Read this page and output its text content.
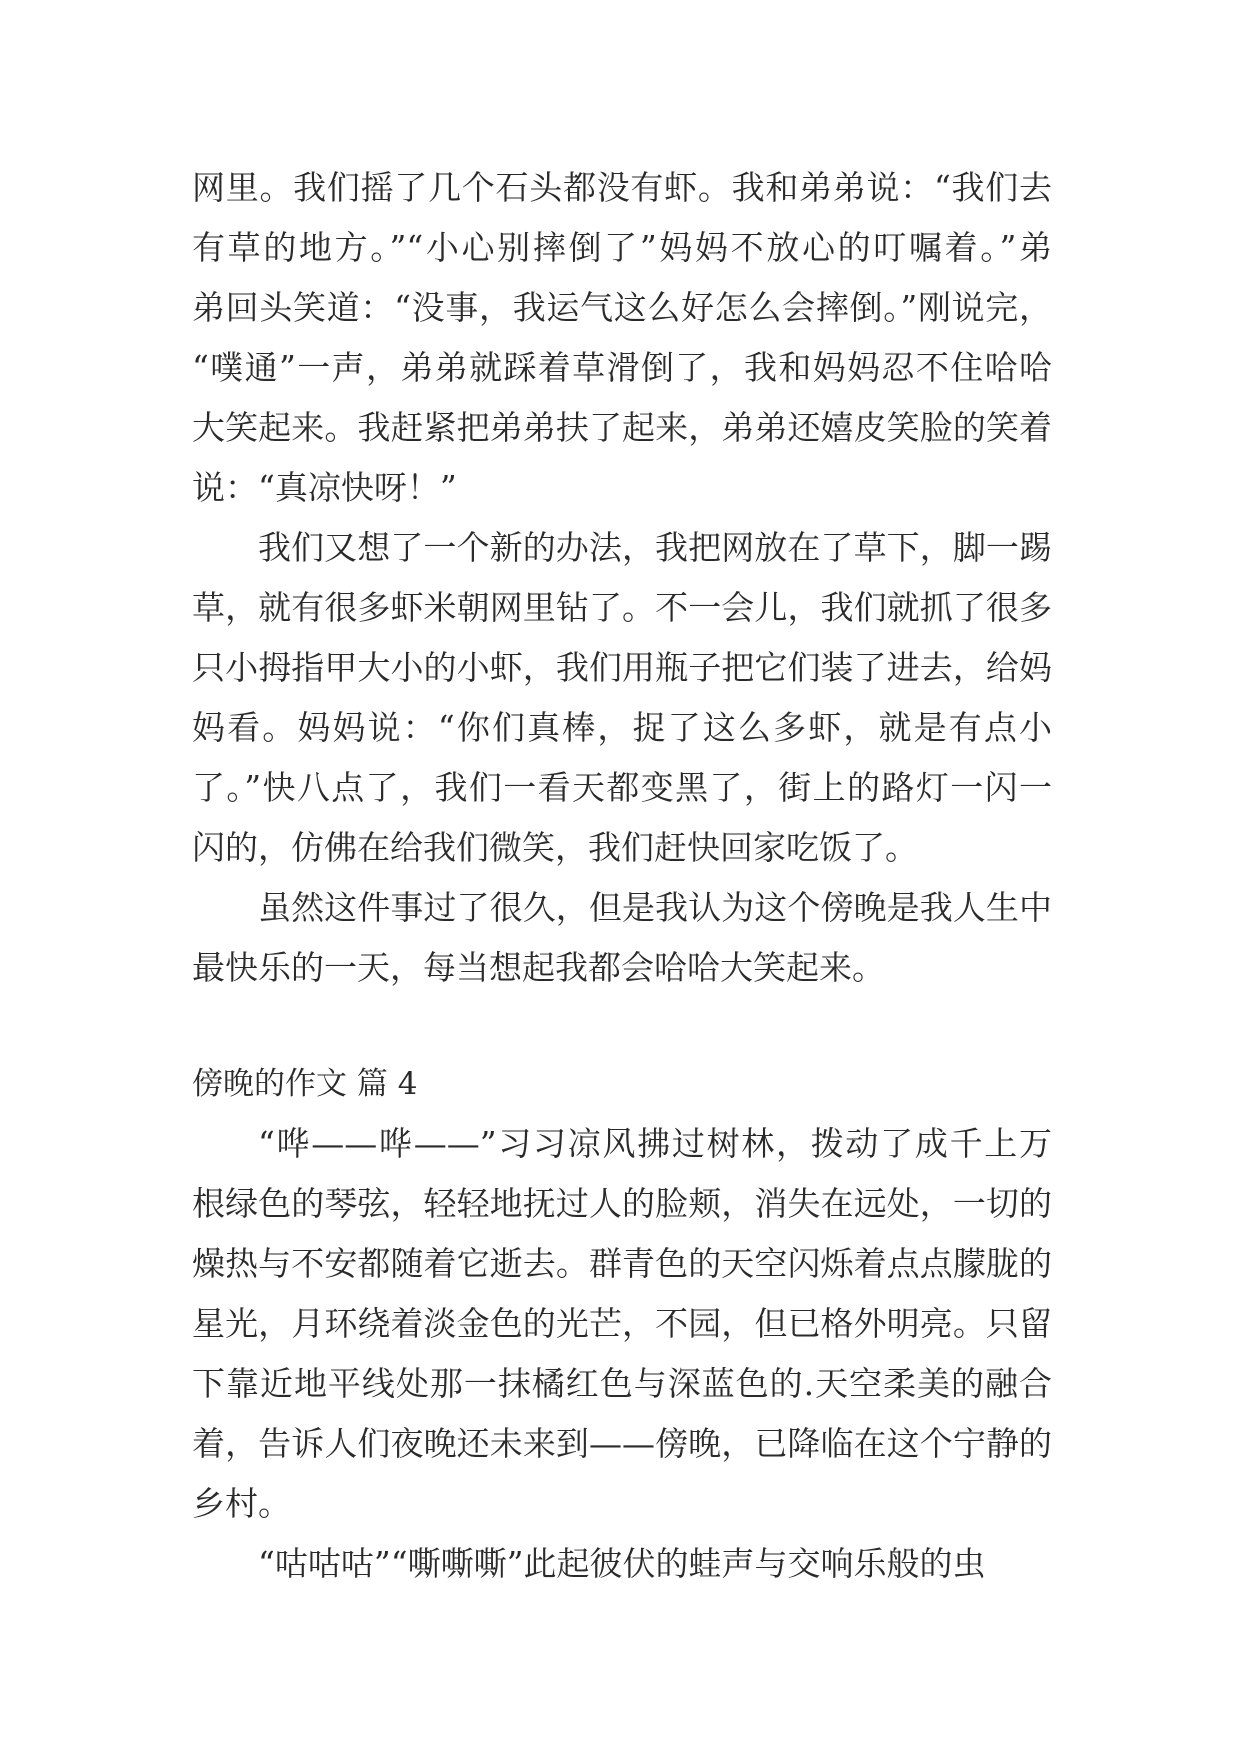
网里。我们摇了几个石头都没有虾。我和弟弟说：“我们去
有草的地方。”“小心别摔倒了”妈妈不放心的叮嘱着。”弟
弟回头笑道：“没事，我运气这么好怎么会摔倒。”刚说完，
“噗通”一声，弟弟就踩着草滑倒了，我和妈妈忍不住哈哈
大笑起来。我赶紧把弟弟扶了起来，弟弟还嬉皮笑脸的笑着
说：“真凉快呀！”
我们又想了一个新的办法，我把网放在了草下，脚一踢
草，就有很多虾米朝网里钻了。不一会儿，我们就抓了很多
只小拇指甲大小的小虾，我们用瓶子把它们装了进去，给妈
妈看。妈妈说：“你们真棒，捉了这么多虾，就是有点小
了。”快八点了，我们一看天都变黑了，街上的路灯一闪一
闪的，仿佛在给我们微笑，我们赶快回家吃饭了。
虽然这件事过了很久，但是我认为这个傍晚是我人生中
最快乐的一天，每当想起我都会哈哈大笑起来。
傍晚的作文 篇 4
“哗——哗——”习习凉风拂过树林，拨动了成千上万
根绿色的琴弦，轻轻地抚过人的脸颊，消失在远处，一切的
燥热与不安都随着它逝去。群青色的天空闪烁着点点朦胧的
星光，月环绕着淡金色的光芒，不园，但已格外明亮。只留
下靠近地平线处那一抹橘红色与深蓝色的.天空柔美的融合
着，告诉人们夜晚还未来到——傍晚，已降临在这个宁静的
乡村。
“咕咕咕”“嘶嘶嘶”此起彼伏的蛙声与交响乐般的虫
